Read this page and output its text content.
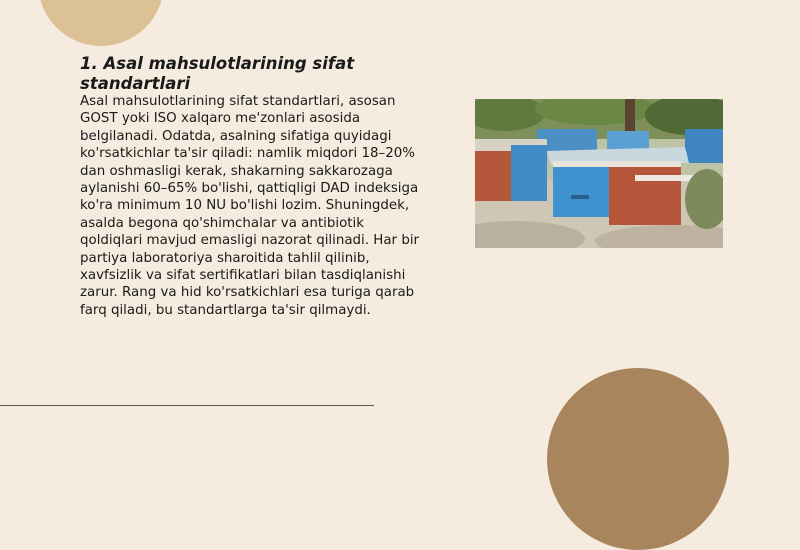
1. Asal mahsulotlarining sifat standartlari

Asal mahsulotlarining sifat standartlari, asosan GOST yoki ISO xalqaro me'zonlari asosida belgilanadi. Odatda, asalning sifatiga quyidagi ko'rsatkichlar ta'sir qiladi: namlik miqdori 18–20% dan oshmasligi kerak, shakarning sakkarozaga aylanishi 60–65% bo'lishi, qattiqligi DAD indeksiga ko'ra minimum 10 NU bo'lishi lozim. Shuningdek, asalda begona qo'shimchalar va antibiotik qoldiqlari mavjud emasligi nazorat qilinadi. Har bir partiya laboratoriya sharoitida tahlil qilinib, xavfsizlik va sifat sertifikatlari bilan tasdiqlanishi zarur. Rang va hid ko'rsatkichlari esa turiga qarab farq qiladi, bu standartlarga ta'sir qilmaydi.
